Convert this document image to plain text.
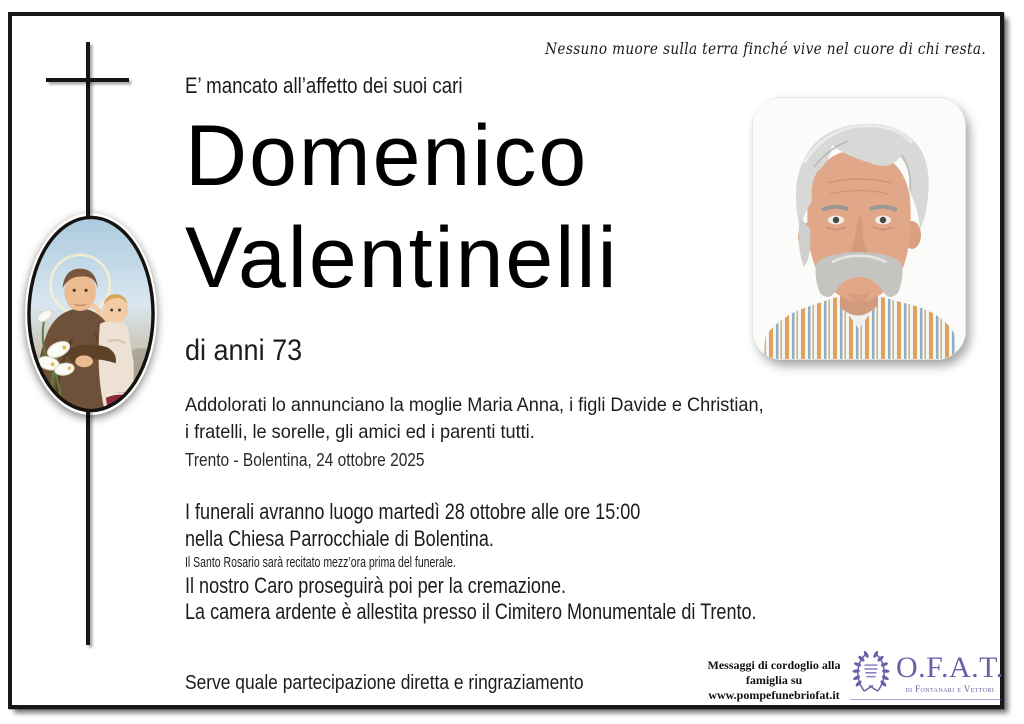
Nessuno muore sulla terra finché vive nel cuore di chi resta.
E’ mancato all’affetto dei suoi cari
Domenico
Valentinelli
di anni 73
Addolorati lo annunciano la moglie Maria Anna, i figli Davide e Christian,
i fratelli, le sorelle, gli amici ed i parenti tutti.
Trento - Bolentina, 24 ottobre 2025
I funerali avranno luogo martedì 28 ottobre alle ore 15:00
nella Chiesa Parrocchiale di Bolentina.
Il Santo Rosario sarà recitato mezz’ora prima del funerale.
Il nostro Caro proseguirà poi per la cremazione.
La camera ardente è allestita presso il Cimitero Monumentale di Trento.
Serve quale partecipazione diretta e ringraziamento
Messaggi di cordoglio alla famiglia su
www.pompefunebriofat.it
O.F.A.T.
di Fontanari e Vettori
